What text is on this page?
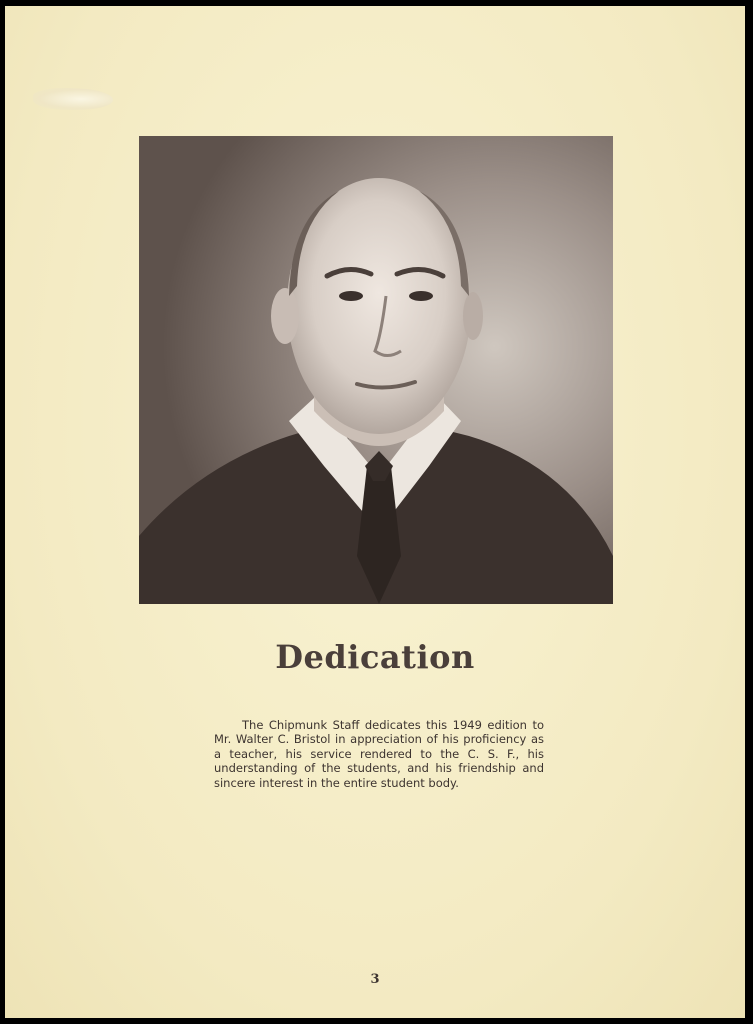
Dedication

The Chipmunk Staff dedicates this 1949 edition to Mr. Walter C. Bristol in appreciation of his proficiency as a teacher, his service rendered to the C. S. F., his understanding of the students, and his friendship and sincere interest in the entire student body.

3
